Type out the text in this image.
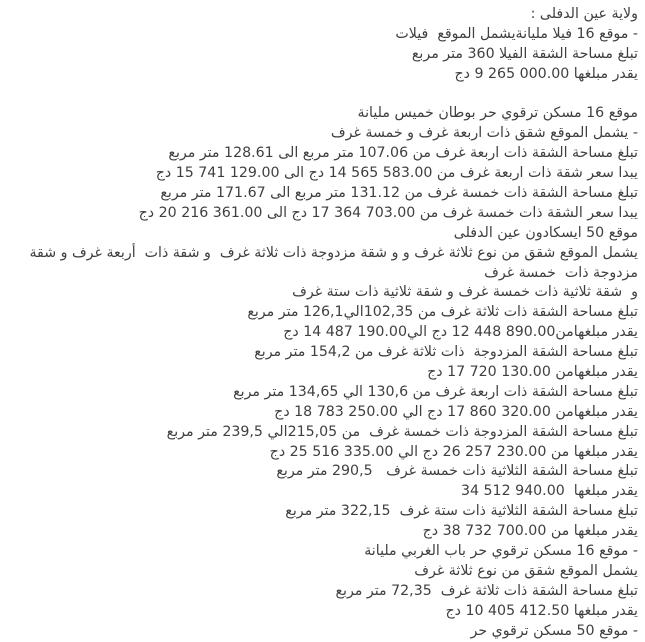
ولاية عين الدفلى :
- موقع 16 فيلا مليانةيشمل الموقع  فيلات
تبلغ مساحة الشقة الفيلا 360 متر مربع
يقدر مبلغها 9 265 000.00 دج
موقع 16 مسكن ترقوي حر بوطان خميس مليانة
- يشمل الموقع شقق ذات اربعة غرف و خمسة غرف
تبلغ مساحة الشقة ذات اربعة غرف من 107.06 متر مربع الى 128.61 متر مربع
يبدا سعر شقة ذات اربعة غرف من 14 565 583.00 دج الى 15 741 129.00 دج
تبلغ مساحة الشقة ذات خمسة غرف من 131.12 متر مربع الى 171.67 متر مربع
يبدا سعر الشقة ذات خمسة غرف من 17 364 703.00 دج الى 20 216 361.00 دج
موقع 50 ايسكادون عين الدفلى
يشمل الموقع شقق من نوع ثلاثة غرف و و شقة مزدوجة ذات ثلاثة غرف  و شقة ذات  أربعة غرف و شقة
مزدوجة ذات  خمسة غرف
و  شقة ثلاثية ذات خمسة غرف و شقة ثلاثية ذات ستة غرف
تبلغ مساحة الشقة ذات ثلاثة غرف من 102,35الي126,1 متر مربع
يقدر مبلغهامن12 448 890.00 دج الي14 487 190.00 دج
تبلغ مساحة الشقة المزدوجة  ذات ثلاثة غرف من 154,2 متر مربع
يقدر مبلغهامن 17 720 130.00 دج
تبلغ مساحة الشقة ذات اربعة غرف من 130,6 الي 134,65 متر مربع
يقدر مبلغهامن 17 860 320.00 دج الي 18 783 250.00 دج
تبلغ مساحة الشقة المزدوجة ذات خمسة غرف  من 215,05الي 239,5 متر مربع
يقدر مبلغها من 26 257 230.00 دج الي 25 516 335.00 دج
تبلغ مساحة الشقة الثلاثية ذات خمسة غرف   290,5 متر مربع
يقدر مبلغها  34 512 940.00
تبلغ مساحة الشقة الثلاثية ذات ستة غرف  322,15 متر مربع
يقدر مبلغها من 38 732 700.00 دج
- موقع 16 مسكن ترقوي حر باب الغربي مليانة
يشمل الموقع شقق من نوع ثلاثة غرف
تبلغ مساحة الشقة ذات ثلاثة غرف  72,35 متر مربع
يقدر مبلغها 10 405 412.50 دج
- موقع 50 مسكن ترقوي حر
